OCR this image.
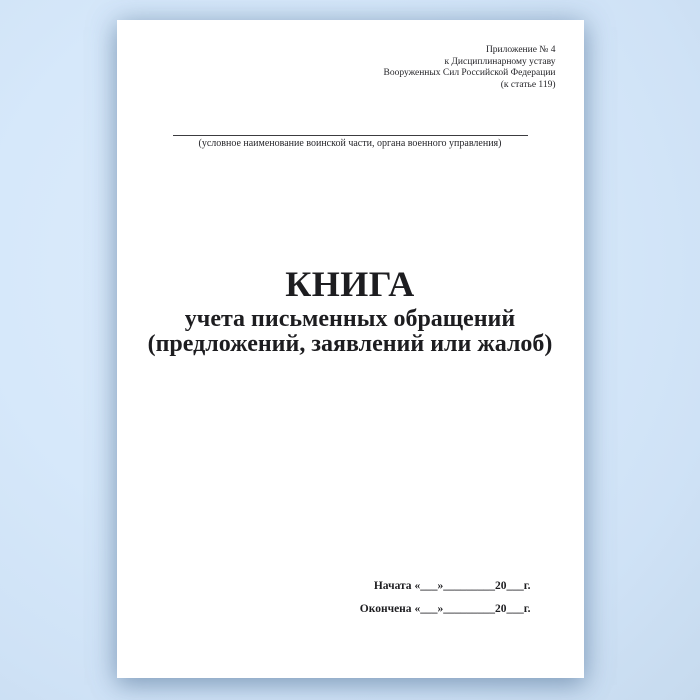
Приложение № 4
к Дисциплинарному уставу
Вооруженных Сил Российской Федерации
(к статье 119)
(условное наименование воинской части, органа военного управления)
КНИГА
учета письменных обращений
(предложений, заявлений или жалоб)
Начата «___»_________20___г.
Окончена «___»_________20___г.
